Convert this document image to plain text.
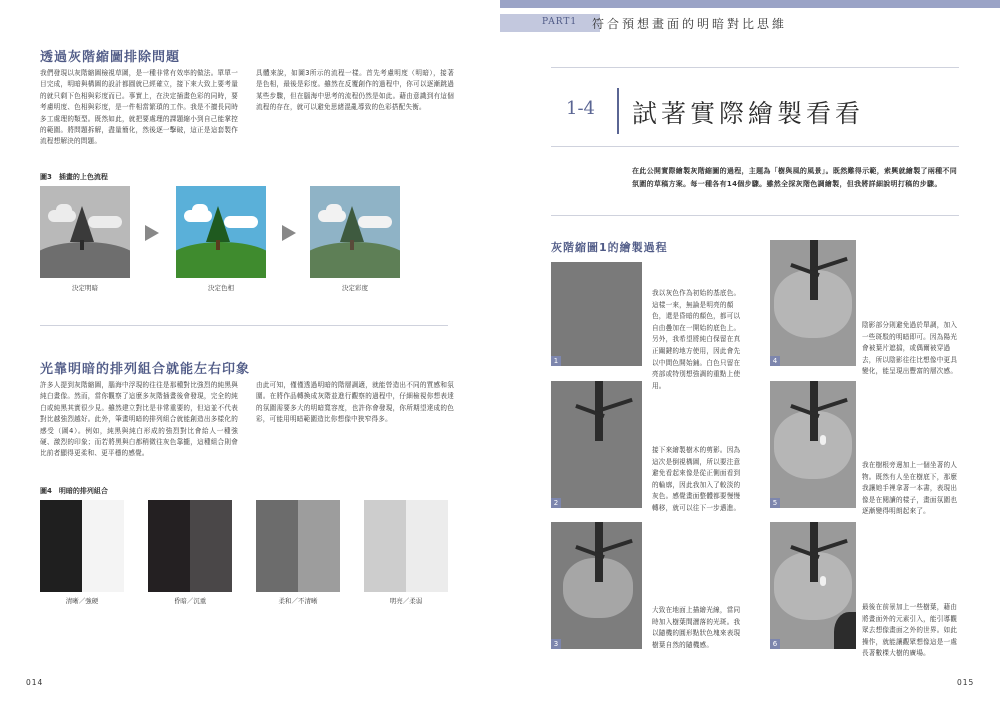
PART1 符合預想畫面的明暗對比思維
透過灰階縮圖排除問題
我們發現以灰階縮圖檢視草圖，是一種非常有效率的做法。單單一目完成，明暗與構圖的設計都圓就已經確立，接下來大致上要考量的就只剩下色相與彩度而已。事實上，在決定插畫色彩的同時，要考慮明度、色相與彩度，是一件相當繁瑣的工作。我是不擅長同時多工處理的類型。既然如此，就把要處理的課題縮小到自己能掌控的範圍。將問題拆解，盡量簡化，然後逐一擊破，這正是這套製作流程想解決的問題。
具體來說，如圖3所示的流程一樣。首先考慮明度（明暗），接著是色相，最後是彩度。雖然在反覆創作的過程中，你可以逐漸跳過某些步驟，但在腦海中思考的流程仍然是如此。藉由意識到有這個流程的存在，就可以避免思緒混亂導致的色彩搭配失衡。
圖3　插畫的上色流程
決定明暗	決定色相	決定彩度
光靠明暗的排列組合就能左右印象
許多人提到灰階縮圖，腦海中浮現的往往是那種對比強烈的純黑與純白畫像。然而，當你觀察了這麼多灰階插畫後會發現，完全的純白或純黑其實很少見。雖然建立對比是非常重要的，但這並不代表對比越強烈越好。此外，筆畫明暗的排列組合就能創造出多樣化的感受（圖4）。例如，純黑與純白形成的強烈對比會給人一種強硬、激烈的印象；而若將黑與白都稍微往灰色靠攏，這種組合則會比前者顯得更柔和、更平穩的感覺。
由此可知，僅僅透過明暗的階層調適，就能營造出不同的質感和氛圍。在將作品轉換成灰階並進行觀察的過程中，仔細檢視你想表達的氛圍需要多大的明暗寬容度，也許你會發現，你所期望達成的色彩，可能用明暗範圍造比你想像中狹窄得多。
圖4　明暗的排列組合
清晰／強硬	昏暗／沉重	柔和／不清晰	明亮／柔弱
014
1-4 試著實際繪製看看
在此公開實際繪製灰階縮圖的過程，主題為「樹與風的風景」。既然難得示範，索興就繪製了兩種不同氛圍的草稿方案。每一種各有14個步驟。雖然全採灰階色調繪製，但我將詳細說明打稿的步驟。
灰階縮圖1的繪製過程
1
我以灰色作為初始的基底色。這樣一來，無論是明亮的顏色，還是昏暗的顏色，都可以自由疊加在一開始的底色上。另外，我希望將純白保留在真正關鍵的地方使用，因此會先以中間色開始鋪。白色只留在亮部或特別想強調的重點上使用。
2
接下來繪製樹木的剪影。因為這次是倒視構圖，所以要注意避免看起來像是從正側面看到的輪廓，因此我加入了較淡的灰色。感覺畫面整體都要慢慢轉移，就可以往下一步邁進。
3
大致在地面上描繪光線，當同時加入樹葉間灑落的光斑。我以隨機的圓形點狀色塊來表現樹葉自然的隨機感。
4
陰影部分則避免過於單調，加入一些斑駁的明暗即可。因為陽光會被葉片遮擋，或偶爾被穿過去，所以陰影往往比想像中更具變化，能呈現出豐富的層次感。
5
我在樹根旁邊加上一個坐著的人物。既然有人坐在樹底下，那麼我讓她手裡拿著一本書，表現出像是在閱讀的樣子，畫面氛圍也逐漸變得明朗起來了。
6
最後在前景加上一些樹葉，藉由將畫面外的元素引入，能引導觀眾去想像畫面之外的世界。如此操作，就能讓觀眾想像這是一處長著數棵大樹的廣場。
015
